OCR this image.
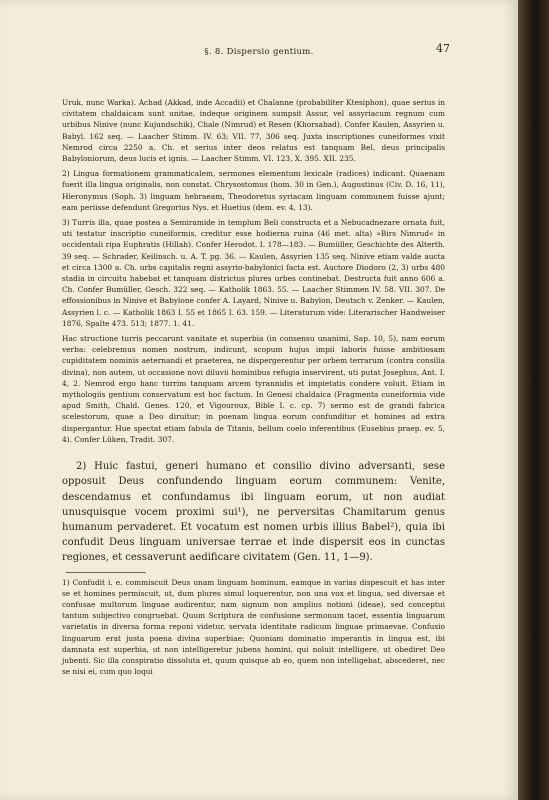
§. 8. Dispersio gentium.	47

Uruk, nunc Warka). Achad (Akkad, inde Accadii) et Chalanne (probabiliter Ktesiphon), quae serius in civitatem chaldaicam sunt unitae, indeque originem sumpsit Assur, vel assyriacum regnum cum urbibus Ninive (nunc Kujundschik), Chale (Nimrud) et Resen (Khorsabad). Confer Kaulen, Assyrien u. Babyl. 162 seq. — Laacher Stimm. IV. 63; VII. 77, 306 seq. Juxta inscriptiones cuneiformes vixit Nemrod circa 2250 a. Ch. et serius inter deos relatus est tanquam Bel, deus principalis Babyloniorum, deus lucis et ignis. — Laacher Stimm. VI. 123, X. 395. XII. 235.

2) Lingua formationem grammaticalem, sermones elementum lexicale (radices) indicant. Quaenam fuerit illa lingua originalis, non constat. Chrysostomus (hom. 30 in Gen.), Augustinus (Civ. D. 16, 11), Hieronymus (Soph. 3) linguam hebraeam, Theodoretus syriacam linguam communem fuisse ajunt; eam periisse defendunt Gregorius Nys. et Huetius (dem. ev. 4, 13).

3) Turris illa, quae postea a Semiramide in templum Beli constructa et a Nebucadnezare ornata fuit, uti testatur inscriptio cuneiformis, creditur esse hodierna ruina (46 met. alta) »Birs Nimrud« in occidentali ripa Euphratis (Hillah). Confer Herodot. I. 178—183. — Bumüller, Geschichte des Alterth. 39 seq. — Schrader, Keilinsch. u. A. T. pg. 36. — Kaulen, Assyrien 135 seq. Ninive etiam valde aucta et circa 1300 a. Ch. urbs capitalis regni assyrio-babylonici facta est. Auctore Diodoro (2, 3) urbs 480 stadia in circuitu habebat et tanquam districtus plures urbes continebat. Destructa fuit anno 606 a. Ch. Confer Bumüller, Gesch. 322 seq. — Katholik 1863. 55. — Laacher Stimmen IV. 58. VII. 307. De effossionibus in Ninive et Babylone confer A. Layard, Ninive u. Babylon, Deutsch v. Zenker. — Kaulen, Assyrien l. c. — Katholik 1863 I. 55 et 1865 I. 63. 159. — Literaturum vide: Literarischer Handweiser 1876, Spalte 473. 513; 1877. 1. 41.

Hac structione turris peccarunt vanitate et superbia (in consensu unanimi, Sap. 10, 5), nam eorum verba: celebremus nomen nostrum, indicunt, scopum hujus impii laboris fuisse ambitiosam cupiditatem nominis aeternandi et praeterea, ne dispergerentur per orbem terrarum (contra consilia divina), non autem, ut occasione novi diluvii hominibus refugia inservirent, uti putat Josephus, Ant. I. 4, 2. Nemrod ergo hanc turrim tanquam arcem tyrannidis et impietatis condere voluit. Etiam in mythologiis gentium conservatum est hoc factum. In Genesi chaldaica (Fragmenta cuneiformia vide apud Smith, Chald. Genes. 120, et Vigouroux, Bible I. c. cp. 7) sermo est de grandi fabrica scelestorum, quae a Deo diruitur; in poenam lingua eorum confunditur et homines ad extra dispergantur. Hue spectat etiam fabula de Titanis, bellum coelo inferentibus (Eusebius praep. ev. 5, 4). Confer Lüken, Tradit. 307.

2) Huic fastui, generi humano et consilio divino adversanti, sese opposuit Deus confundendo linguam eorum communem: Venite, descendamus et confundamus ibi linguam eorum, ut non audiat unusquisque vocem proximi sui¹), ne perversitas Chamitarum genus humanum pervaderet. Et vocatum est nomen urbis illius Babel²), quia ibi confudit Deus linguam universae terrae et inde dispersit eos in cunctas regiones, et cessaverunt aedificare civitatem (Gen. 11, 1—9).

1) Confudit i. e. commiscuit Deus unam linguam hominum, eamque in varias dispescuit et has inter se et homines permiscuit, ut, dum plures simul loquerentur, non una vox et lingua, sed diversae et confusae multorum linguae audirentur, nam signum non amplius notioni (ideae), sed conceptui tantum subjectivo congruebat. Quum Scriptura de confusione sermonum tacet, essentia linguarum varietatis in diversa forma reponi videtur, servata identitate radicum linguae primaevae. Confusio linguarum erat justa poena divina superbiae: Quoniam dominatio imperantis in lingua est, ibi damnata est superbia, ut non intelligeretur jubens homini, qui noluit intelligere, ut obediret Deo jubenti. Sic illa conspiratio dissoluta et, quum quisque ab eo, quem non intelligebat, abscederet, nec se nisi ei, cum quo loqui
